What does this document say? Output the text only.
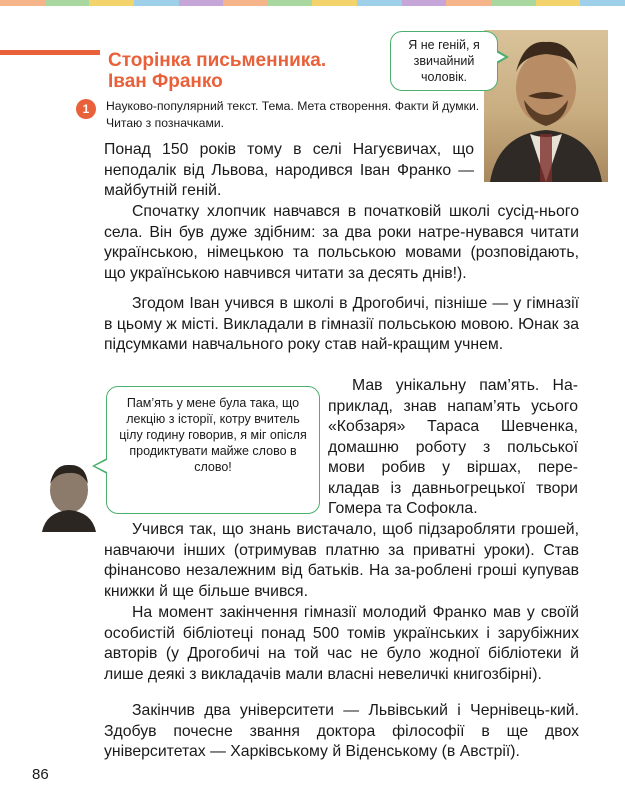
Сторінка письменника.
Іван Франко
1	Науково-популярний текст. Тема. Мета створення. Факти й думки. Читаю з позначками.
Я не геній, я звичайний чоловік.
Пам’ять у мене була така, що лекцію з історії, котру вчитель цілу годину говорив, я міг опісля продиктувати майже слово в слово!

Понад 150 років тому в селі Нагуєвичах, що неподалік від Львова, народився Іван Франко — майбутній геній.

Спочатку хлопчик навчався в початковій школі сусід-нього села. Він був дуже здібним: за два роки натре-нувався читати українською, німецькою та польською мовами (розповідають, що українською навчився читати за десять днів!).

Згодом Іван учився в школі в Дрогобичі, пізніше — у гімназії в цьому ж місті. Викладали в гімназії польською мовою. Юнак за підсумками навчального року став най-кращим учнем.

Мав унікальну пам’ять. На-приклад, знав напам’ять усього «Кобзаря» Тараса Шевченка, домашню роботу з польської мови робив у віршах, пере-кладав із давньогрецької твори Гомера та Софокла.

Учився так, що знань вистачало, щоб підзаробляти грошей, навчаючи інших (отримував платню за приватні уроки). Став фінансово незалежним від батьків. На за-роблені гроші купував книжки й ще більше вчився.

На момент закінчення гімназії молодий Франко мав у своїй особистій бібліотеці понад 500 томів українських і зарубіжних авторів (у Дрогобичі на той час не було жодної бібліотеки й лише деякі з викладачів мали власні невеличкі книгозбірні).

Закінчив два університети — Львівський і Чернівець-кий. Здобув почесне звання доктора філософії в ще двох університетах — Харківському й Віденському (в Австрії).

86
